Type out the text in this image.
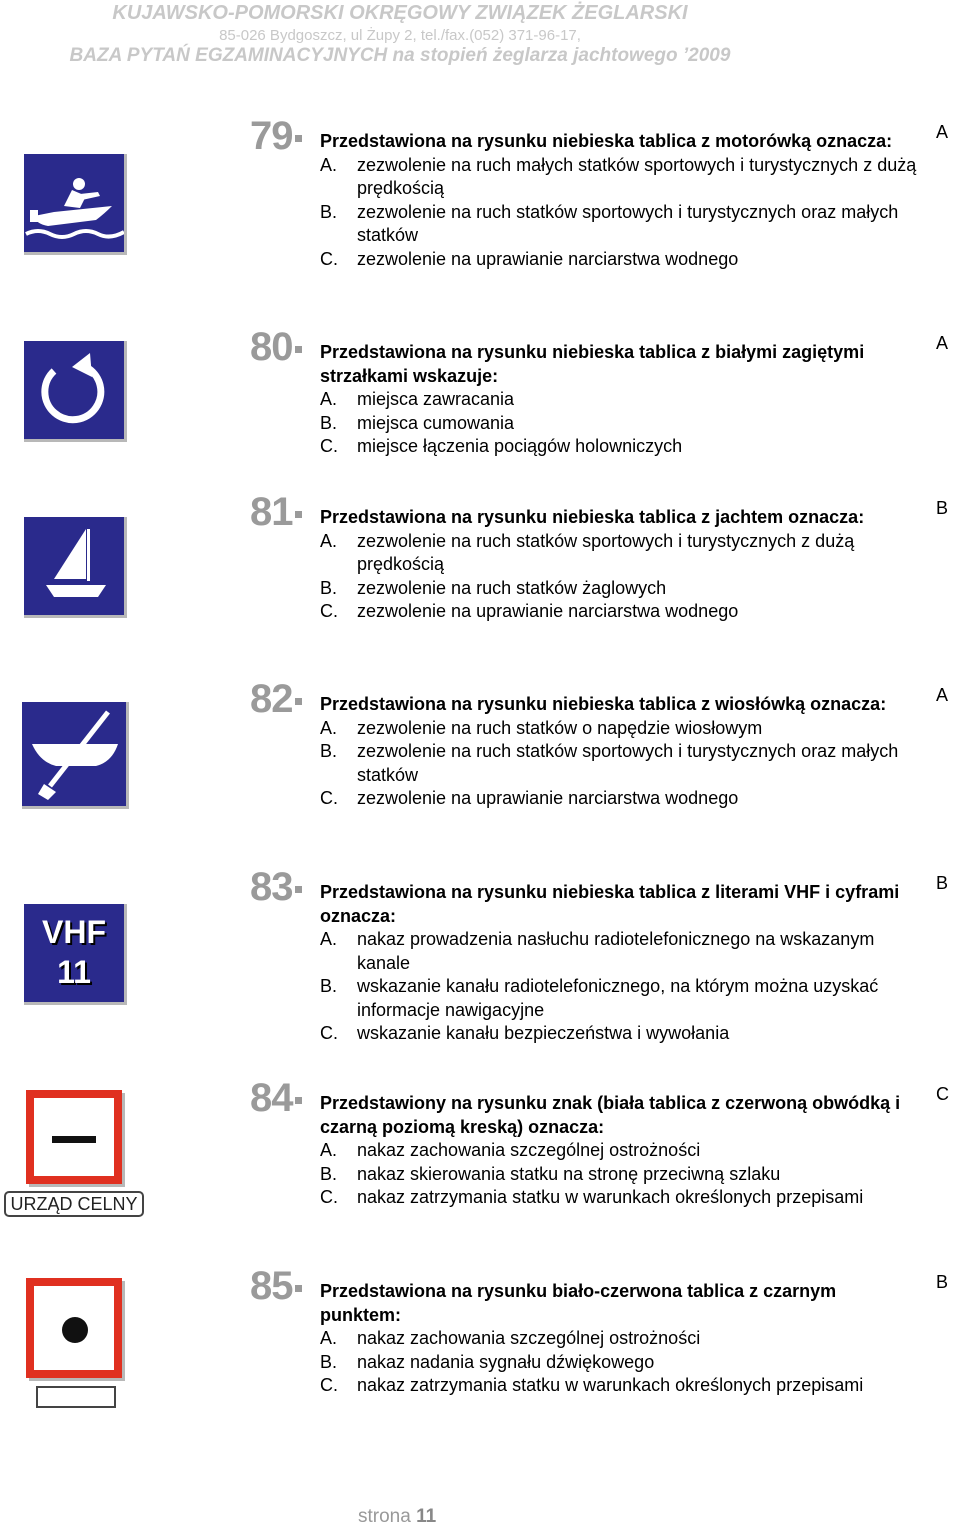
KUJAWSKO-POMORSKI OKRĘGOWY ZWIĄZEK ŻEGLARSKI
85-026 Bydgoszcz, ul Żupy 2, tel./fax.(052) 371-96-17,
BAZA PYTAŃ EGZAMINACYJNYCH na stopień żeglarza jachtowego ’2009
79	Przedstawiona na rysunku niebieska tablica z motorówką oznacza:
A.	zezwolenie na ruch małych statków sportowych i turystycznych z dużą prędkością
B.	zezwolenie na ruch statków sportowych i turystycznych oraz małych statków
C.	zezwolenie na uprawianie narciarstwa wodnego
A
80	Przedstawiona na rysunku niebieska tablica z białymi zagiętymi strzałkami wskazuje:
A.	miejsca zawracania
B.	miejsca cumowania
C.	miejsce łączenia pociągów holowniczych
A
81	Przedstawiona na rysunku niebieska tablica z jachtem oznacza:
A.	zezwolenie na ruch statków sportowych i turystycznych z dużą prędkością
B.	zezwolenie na ruch statków żaglowych
C.	zezwolenie na uprawianie narciarstwa wodnego
B
82	Przedstawiona na rysunku niebieska tablica z wiosłówką oznacza:
A.	zezwolenie na ruch statków o napędzie wiosłowym
B.	zezwolenie na ruch statków sportowych i turystycznych oraz małych statków
C.	zezwolenie na uprawianie narciarstwa wodnego
A
83	Przedstawiona na rysunku niebieska tablica z literami VHF i cyframi oznacza:
A.	nakaz prowadzenia nasłuchu radiotelefonicznego na wskazanym kanale
B.	wskazanie kanału radiotelefonicznego, na którym można uzyskać informacje nawigacyjne
C.	wskazanie kanału bezpieczeństwa i wywołania
B
84	Przedstawiony na rysunku znak (biała tablica z czerwoną obwódką i czarną poziomą kreską) oznacza:
A.	nakaz zachowania szczególnej ostrożności
B.	nakaz skierowania statku na stronę przeciwną szlaku
C.	nakaz zatrzymania statku w warunkach określonych przepisami
C
85	Przedstawiona na rysunku biało-czerwona tablica z czarnym punktem:
A.	nakaz zachowania szczególnej ostrożności
B.	nakaz nadania sygnału dźwiękowego
C.	nakaz zatrzymania statku w warunkach określonych przepisami
B
VHF
11
URZĄD CELNY
strona 11
